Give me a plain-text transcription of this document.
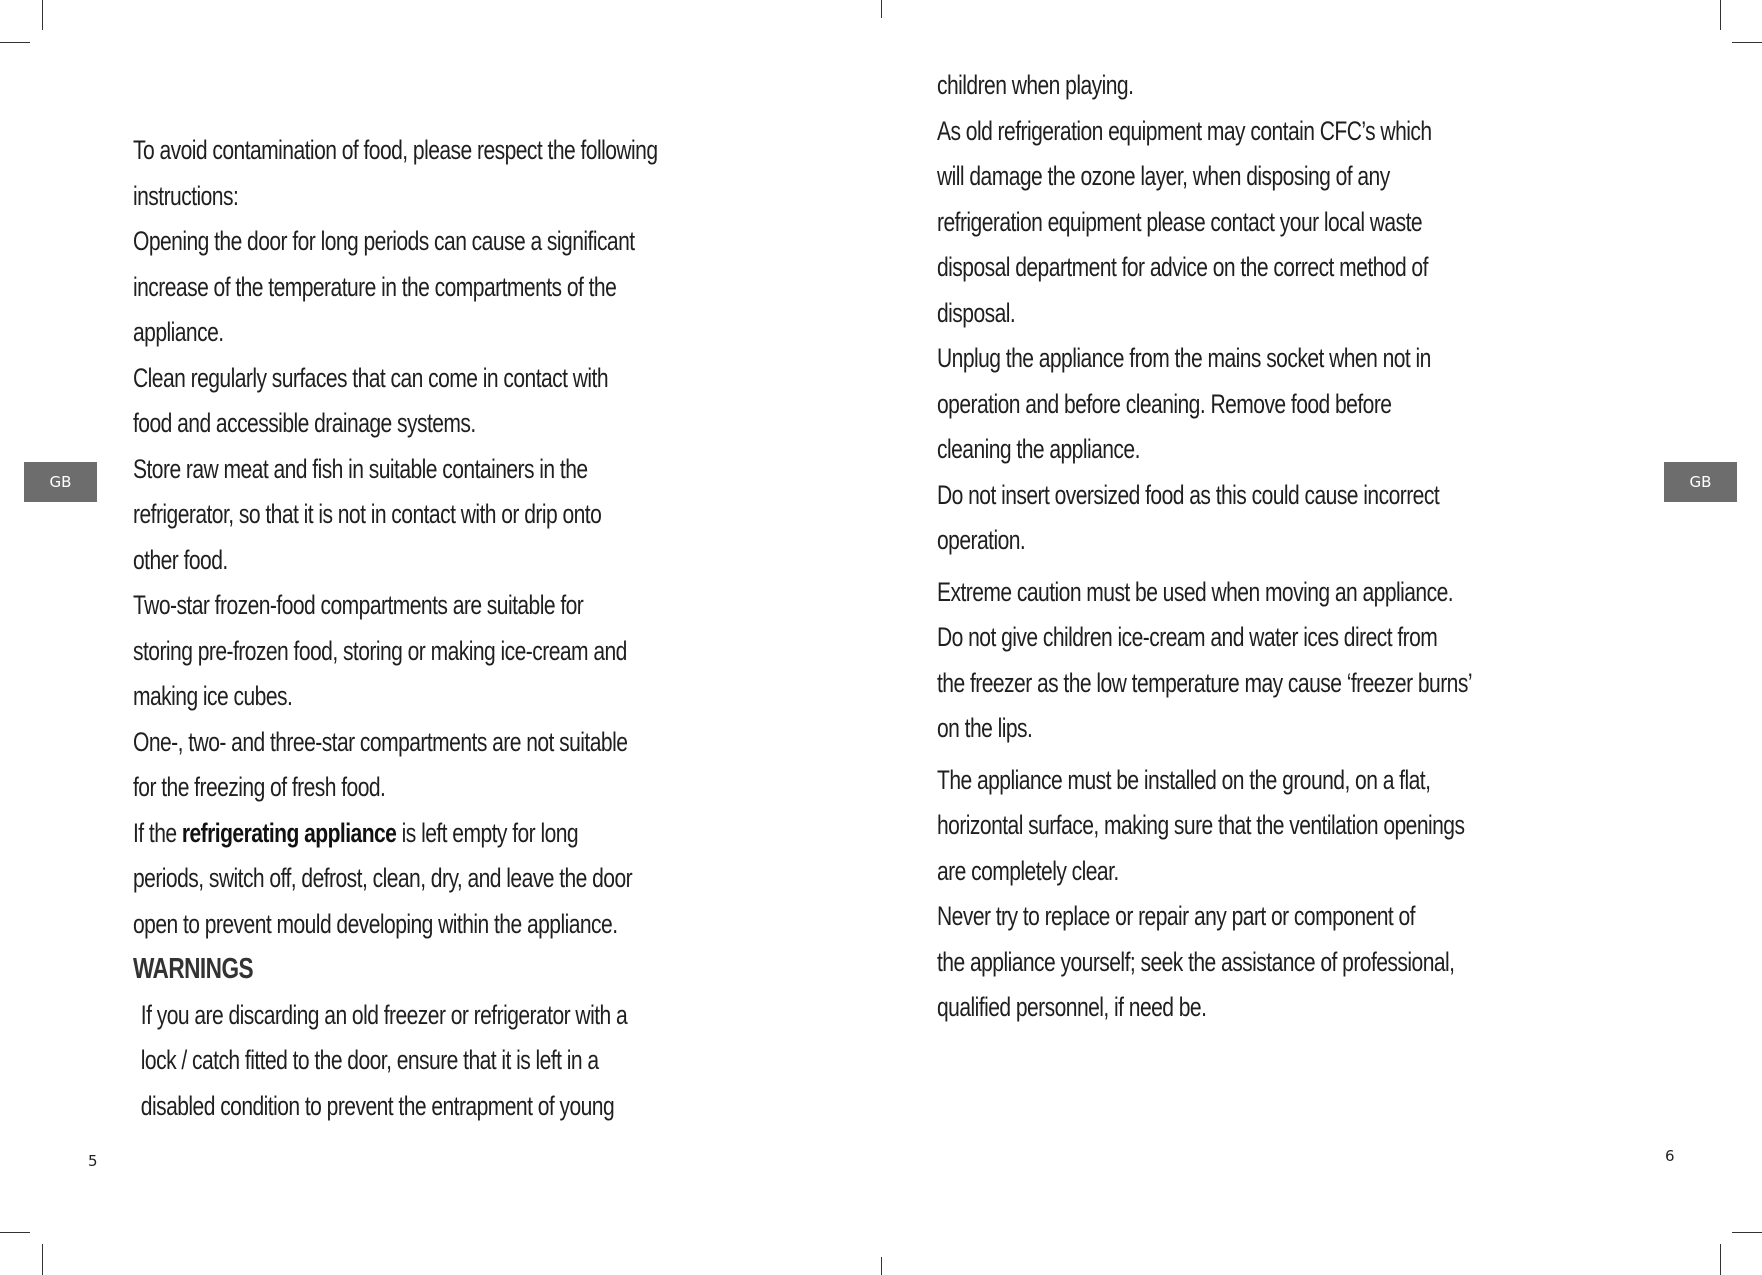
GB	GB
5	6

To avoid contamination of food, please respect the following

instructions:

Opening the door for long periods can cause a significant

increase of the temperature in the compartments of the

appliance.

Clean regularly surfaces that can come in contact with

food and accessible drainage systems.

Store raw meat and fish in suitable containers in the

refrigerator, so that it is not in contact with or drip onto

other food.

Two-star frozen-food compartments are suitable for

storing pre-frozen food, storing or making ice-cream and

making ice cubes.

One-, two- and three-star compartments are not suitable

for the freezing of fresh food.

If the refrigerating appliance is left empty for long

periods, switch off, defrost, clean, dry, and leave the door

open to prevent mould developing within the appliance.

WARNINGS

If you are discarding an old freezer or refrigerator with a

lock / catch fitted to the door, ensure that it is left in a

disabled condition to prevent the entrapment of young

children when playing.

As old refrigeration equipment may contain CFC’s which

will damage the ozone layer, when disposing of any

refrigeration equipment please contact your local waste

disposal department for advice on the correct method of

disposal.

Unplug the appliance from the mains socket when not in

operation and before cleaning. Remove food before

cleaning the appliance.

Do not insert oversized food as this could cause incorrect

operation.

Extreme caution must be used when moving an appliance.

Do not give children ice-cream and water ices direct from

the freezer as the low temperature may cause ‘freezer burns’

on the lips.

The appliance must be installed on the ground, on a flat,

horizontal surface, making sure that the ventilation openings

are completely clear.

Never try to replace or repair any part or component of

the appliance yourself; seek the assistance of professional,

qualified personnel, if need be.
